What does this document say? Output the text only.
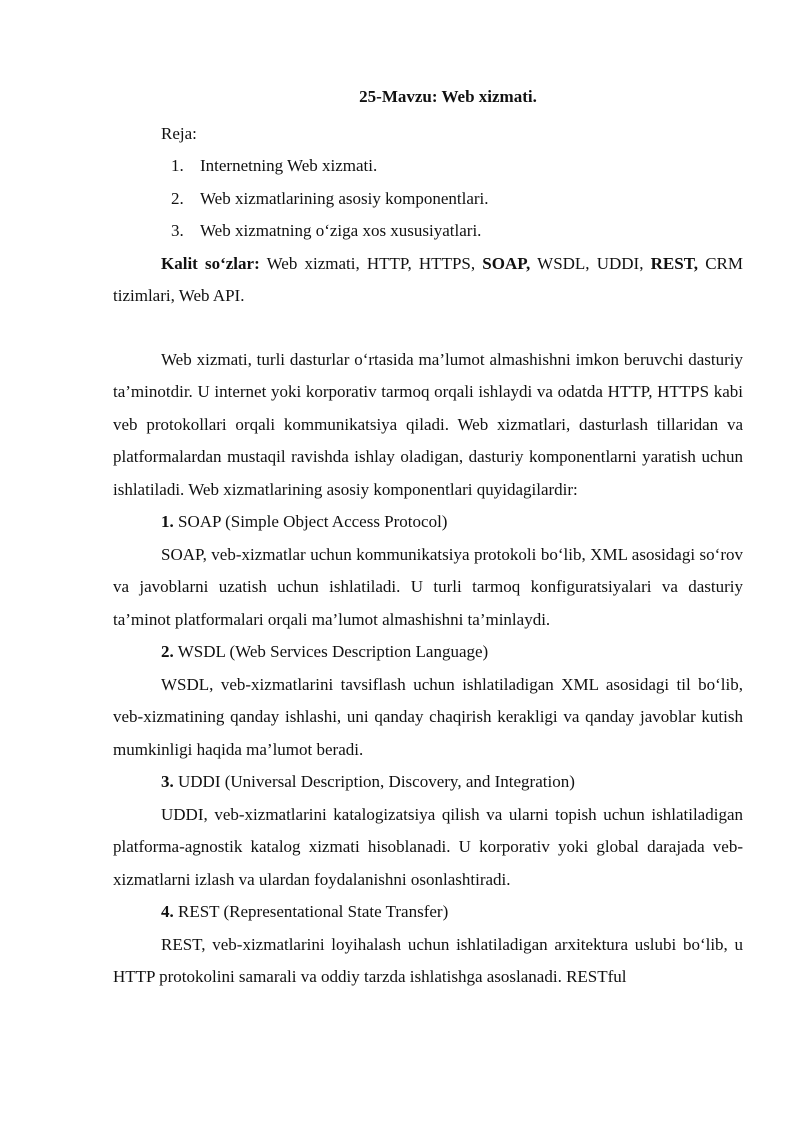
25-Mavzu: Web xizmati.

Reja:

1. Internetning Web xizmati.
2. Web xizmatlarining asosiy komponentlari.
3. Web xizmatning o‘ziga xos xususiyatlari.

Kalit so‘zlar: Web xizmati, HTTP, HTTPS, SOAP, WSDL, UDDI, REST, CRM tizimlari, Web API.

Web xizmati, turli dasturlar o‘rtasida ma’lumot almashishni imkon beruvchi dasturiy ta’minotdir. U internet yoki korporativ tarmoq orqali ishlaydi va odatda HTTP, HTTPS kabi veb protokollari orqali kommunikatsiya qiladi. Web xizmatlari, dasturlash tillaridan va platformalardan mustaqil ravishda ishlay oladigan, dasturiy komponentlarni yaratish uchun ishlatiladi. Web xizmatlarining asosiy komponentlari quyidagilardir:

1. SOAP (Simple Object Access Protocol)

SOAP, veb-xizmatlar uchun kommunikatsiya protokoli bo‘lib, XML asosidagi so‘rov va javoblarni uzatish uchun ishlatiladi. U turli tarmoq konfiguratsiyalari va dasturiy ta’minot platformalari orqali ma’lumot almashishni ta’minlaydi.

2. WSDL (Web Services Description Language)

WSDL, veb-xizmatlarini tavsiflash uchun ishlatiladigan XML asosidagi til bo‘lib, veb-xizmatining qanday ishlashi, uni qanday chaqirish kerakligi va qanday javoblar kutish mumkinligi haqida ma’lumot beradi.

3. UDDI (Universal Description, Discovery, and Integration)

UDDI, veb-xizmatlarini katalogizatsiya qilish va ularni topish uchun ishlatiladigan platforma-agnostik katalog xizmati hisoblanadi. U korporativ yoki global darajada veb-xizmatlarni izlash va ulardan foydalanishni osonlashtiradi.

4. REST (Representational State Transfer)

REST, veb-xizmatlarini loyihalash uchun ishlatiladigan arxitektura uslubi bo‘lib, u HTTP protokolini samarali va oddiy tarzda ishlatishga asoslanadi. RESTful
